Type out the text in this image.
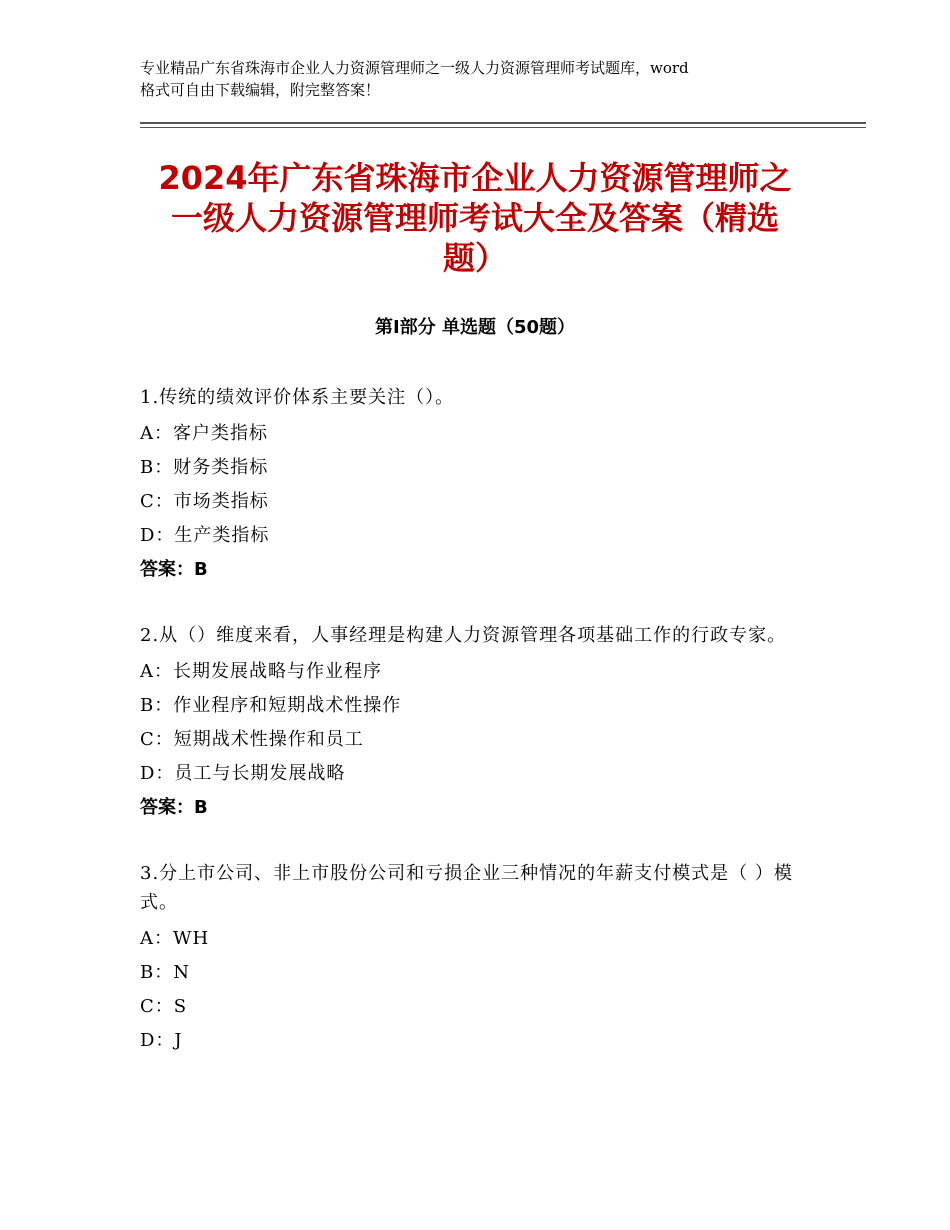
专业精品广东省珠海市企业人力资源管理师之一级人力资源管理师考试题库，word
格式可自由下载编辑，附完整答案！
2024年广东省珠海市企业人力资源管理师之
一级人力资源管理师考试大全及答案（精选
题）
第I部分 单选题（50题）
1.传统的绩效评价体系主要关注（）。
A：客户类指标
B：财务类指标
C：市场类指标
D：生产类指标
答案：B
2.从（）维度来看，人事经理是构建人力资源管理各项基础工作的行政专家。
A：长期发展战略与作业程序
B：作业程序和短期战术性操作
C：短期战术性操作和员工
D：员工与长期发展战略
答案：B
3.分上市公司、非上市股份公司和亏损企业三种情况的年薪支付模式是（ ）模式。
A：WH
B：N
C：S
D：J
